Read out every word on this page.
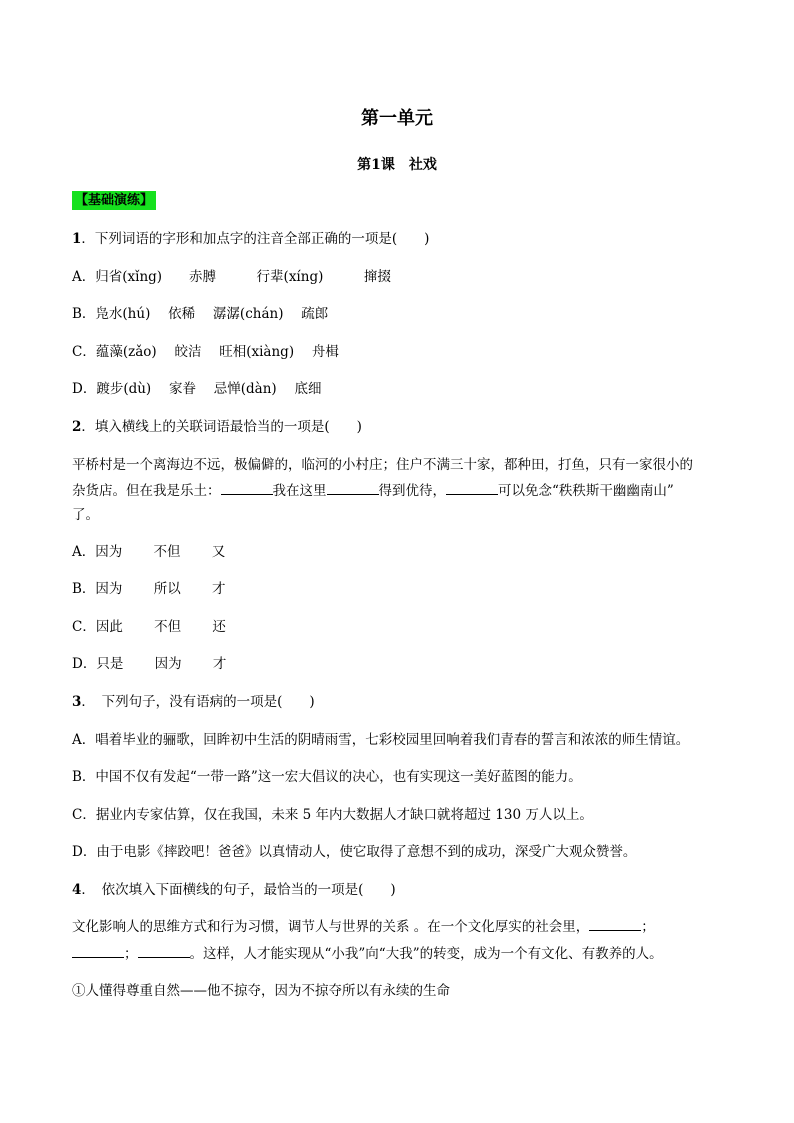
第一单元
第1课　社戏
【基础演练】
1．下列词语的字形和加点字的注音全部正确的一项是(　　)
A．归省(xǐng)　　赤膊　　　行辈(xíng)　　　撺掇
B．凫水(hú)　 依稀　 潺潺(chán)　 疏郎
C．蕴藻(zǎo)　 皎洁　 旺相(xiàng)　 舟楫
D．踱步(dù)　 家眷　 忌惮(dàn)　 底细
2．填入横线上的关联词语最恰当的一项是(　　)
平桥村是一个离海边不远，极偏僻的，临河的小村庄；住户不满三十家，都种田，打鱼，只有一家很小的
杂货店。但在我是乐土：	我在这里	得到优待，	可以免念“秩秩斯干幽幽南山”
了。
A．因为　　 不但　　 又
B．因为　　 所以　　 才
C．因此　　 不但　　 还
D．只是　　 因为　　 才
3．　下列句子，没有语病的一项是(　　)
A．唱着毕业的骊歌，回眸初中生活的阴晴雨雪，七彩校园里回响着我们青春的誓言和浓浓的师生情谊。
B．中国不仅有发起“一带一路”这一宏大倡议的决心，也有实现这一美好蓝图的能力。
C．据业内专家估算，仅在我国，未来 5 年内大数据人才缺口就将超过 130 万人以上。
D．由于电影《摔跤吧！爸爸》以真情动人，使它取得了意想不到的成功，深受广大观众赞誉。
4．　依次填入下面横线的句子，最恰当的一项是(　　)
文化影响人的思维方式和行为习惯，调节人与世界的关系 。在一个文化厚实的社会里，	；
；	。这样，人才能实现从“小我”向“大我”的转变，成为一个有文化、有教养的人。
①人懂得尊重自然——他不掠夺，因为不掠夺所以有永续的生命
